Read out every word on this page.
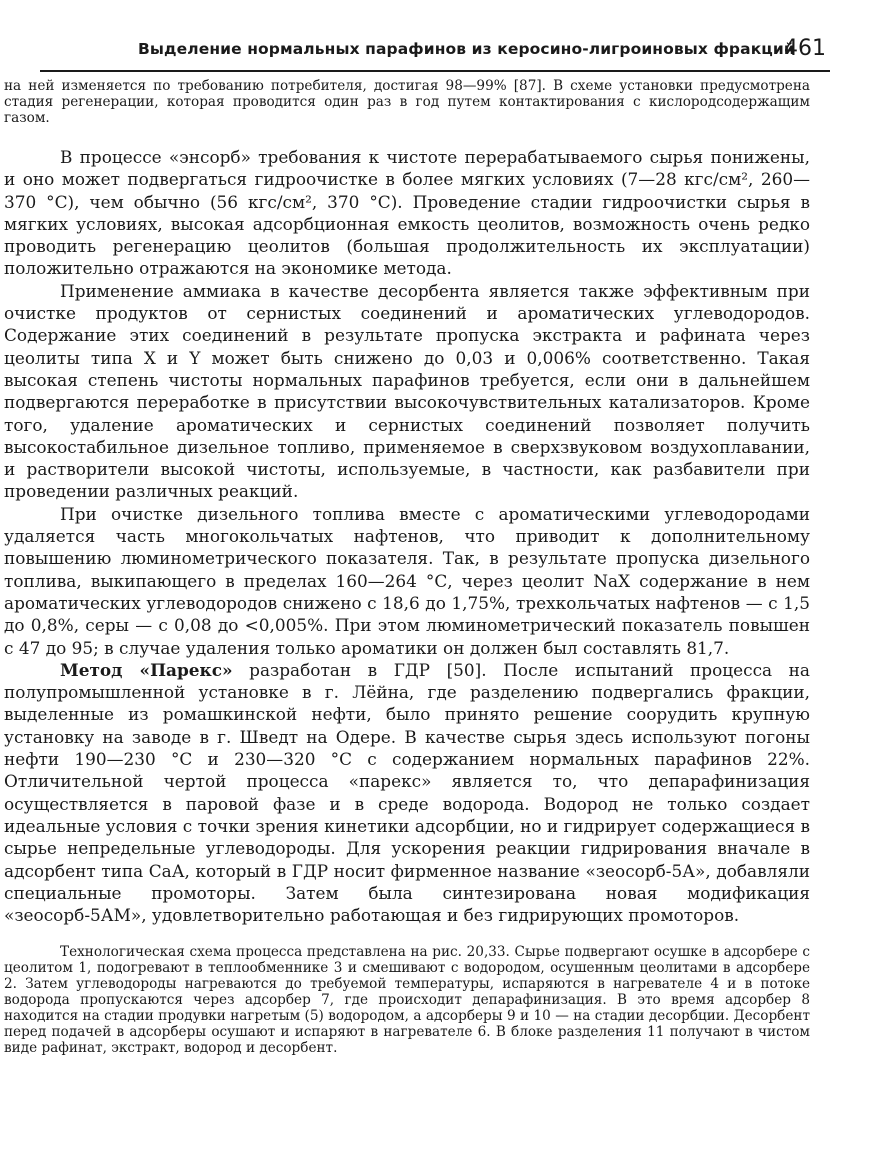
Выделение нормальных парафинов из керосино-лигроиновых фракций
461

на ней изменяется по требованию потребителя, достигая 98—99% [87]. В схеме установки предусмотрена стадия регенерации, которая проводится один раз в год путем контактирования с кислородсодержащим газом.

В процессе «энсорб» требования к чистоте перерабатываемого сырья понижены, и оно может подвергаться гидроочистке в более мягких условиях (7—28 кгс/см², 260—370 °С), чем обычно (56 кгс/см², 370 °С). Проведение стадии гидроочистки сырья в мягких условиях, высокая адсорбционная емкость цеолитов, возможность очень редко проводить регенерацию цеолитов (большая продолжительность их эксплуатации) положительно отражаются на экономике метода.

Применение аммиака в качестве десорбента является также эффективным при очистке продуктов от сернистых соединений и ароматических углеводородов. Содержание этих соединений в результате пропуска экстракта и рафината через цеолиты типа X и Y может быть снижено до 0,03 и 0,006% соответственно. Такая высокая степень чистоты нормальных парафинов требуется, если они в дальнейшем подвергаются переработке в присутствии высокочувствительных катализаторов. Кроме того, удаление ароматических и сернистых соединений позволяет получить высокостабильное дизельное топливо, применяемое в сверхзвуковом воздухоплавании, и растворители высокой чистоты, используемые, в частности, как разбавители при проведении различных реакций.

При очистке дизельного топлива вместе с ароматическими углеводородами удаляется часть многокольчатых нафтенов, что приводит к дополнительному повышению люминометрического показателя. Так, в результате пропуска дизельного топлива, выкипающего в пределах 160—264 °С, через цеолит NaX содержание в нем ароматических углеводородов снижено с 18,6 до 1,75%, трехкольчатых нафтенов — с 1,5 до 0,8%, серы — с 0,08 до <0,005%. При этом люминометрический показатель повышен с 47 до 95; в случае удаления только ароматики он должен был составлять 81,7.

Метод «Парекс» разработан в ГДР [50]. После испытаний процесса на полупромышленной установке в г. Лёйна, где разделению подвергались фракции, выделенные из ромашкинской нефти, было принято решение соорудить крупную установку на заводе в г. Шведт на Одере. В качестве сырья здесь используют погоны нефти 190—230 °С и 230—320 °С с содержанием нормальных парафинов 22%. Отличительной чертой процесса «парекс» является то, что депарафинизация осуществляется в паровой фазе и в среде водорода. Водород не только создает идеальные условия с точки зрения кинетики адсорбции, но и гидрирует содержащиеся в сырье непредельные углеводороды. Для ускорения реакции гидрирования вначале в адсорбент типа СаА, который в ГДР носит фирменное название «зеосорб-5А», добавляли специальные промоторы. Затем была синтезирована новая модификация «зеосорб-5АМ», удовлетворительно работающая и без гидрирующих промоторов.

Технологическая схема процесса представлена на рис. 20,33. Сырье подвергают осушке в адсорбере с цеолитом 1, подогревают в теплообменнике 3 и смешивают с водородом, осушенным цеолитами в адсорбере 2. Затем углеводороды нагреваются до требуемой температуры, испаряются в нагревателе 4 и в потоке водорода пропускаются через адсорбер 7, где происходит депарафинизация. В это время адсорбер 8 находится на стадии продувки нагретым (5) водородом, а адсорберы 9 и 10 — на стадии десорбции. Десорбент перед подачей в адсорберы осушают и испаряют в нагревателе 6. В блоке разделения 11 получают в чистом виде рафинат, экстракт, водород и десорбент.
